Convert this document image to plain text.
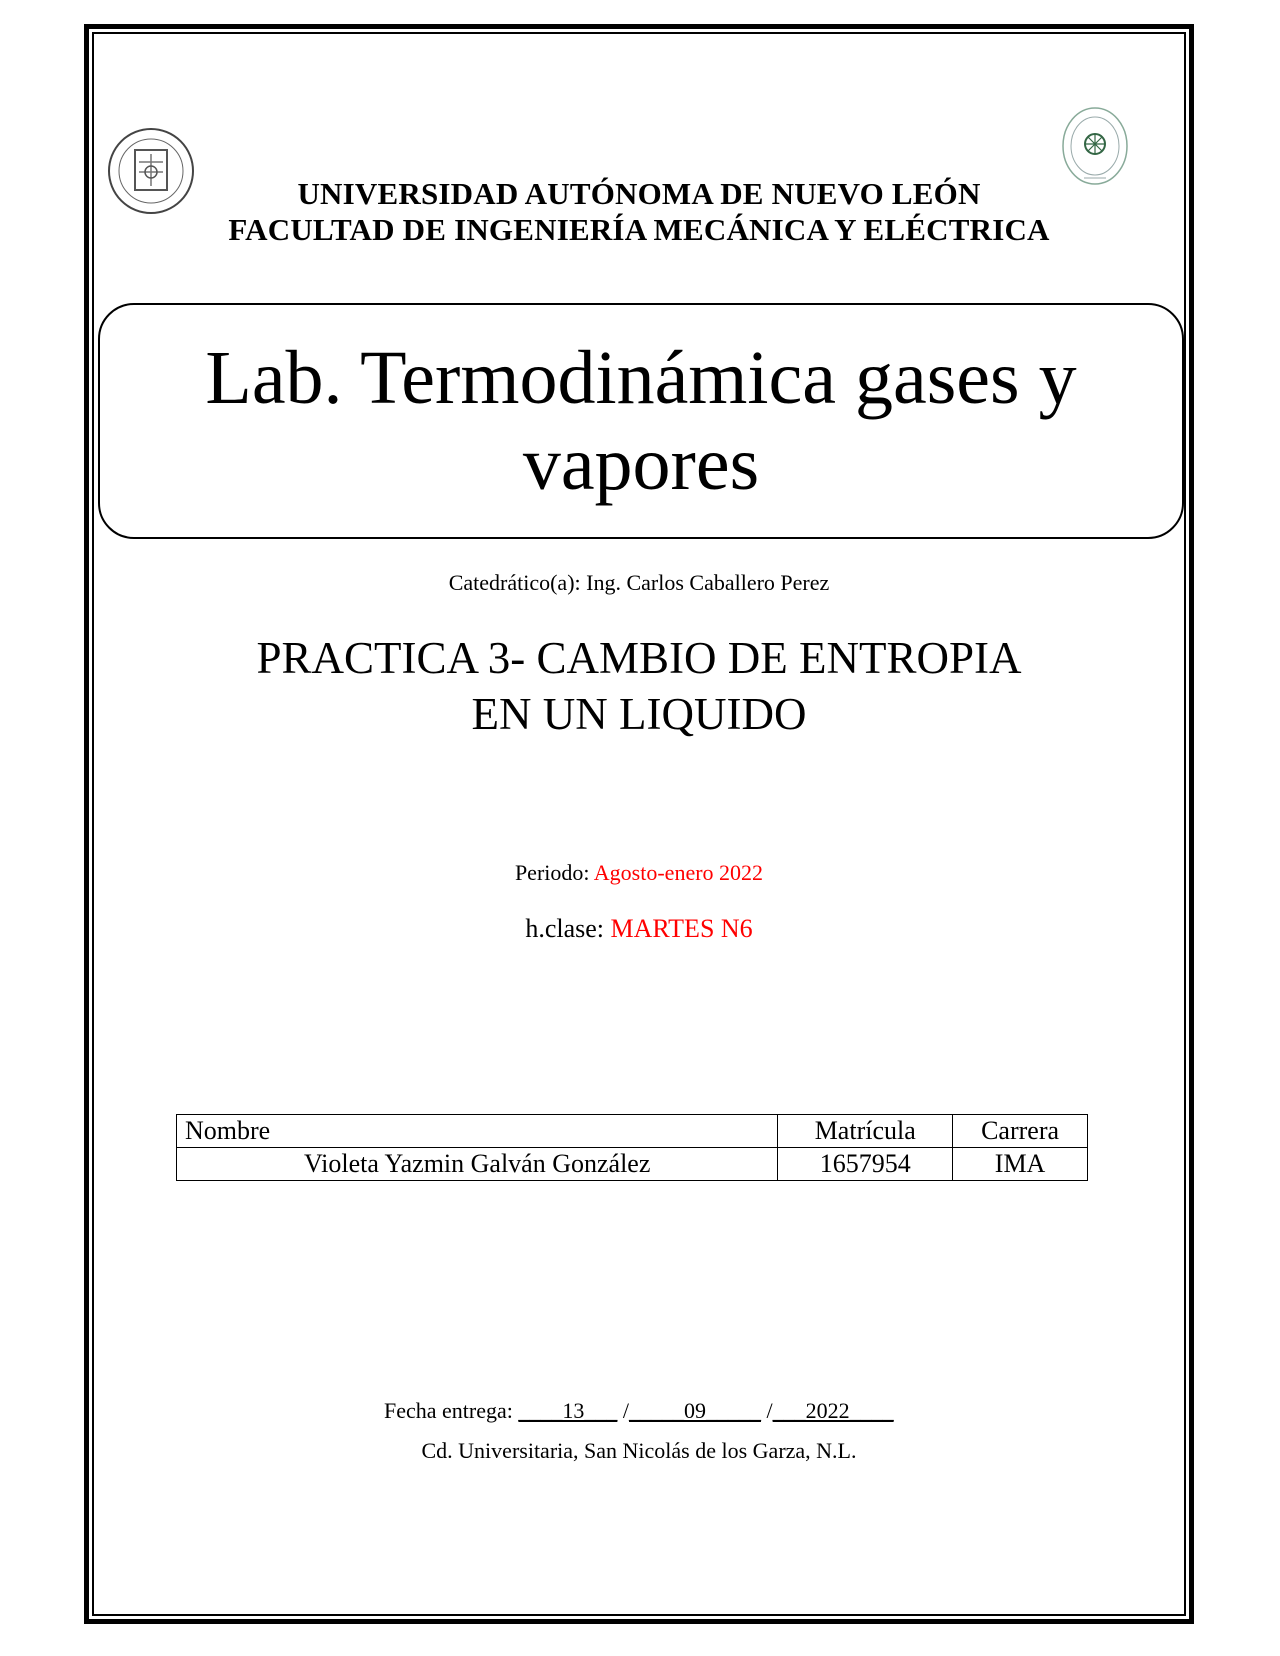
UNIVERSIDAD AUTÓNOMA DE NUEVO LEÓN
FACULTAD DE INGENIERÍA MECÁNICA Y ELÉCTRICA
Lab. Termodinámica gases y vapores
Catedrático(a): Ing. Carlos Caballero Perez
PRACTICA 3- CAMBIO DE ENTROPIA
EN UN LIQUIDO
Periodo: Agosto-enero 2022
h.clase: MARTES N6
Nombre	Matrícula	Carrera
Violeta Yazmin Galván González	1657954	IMA
Fecha entrega: ____13___ /_____09_____ /___2022____
Cd. Universitaria, San Nicolás de los Garza, N.L.
